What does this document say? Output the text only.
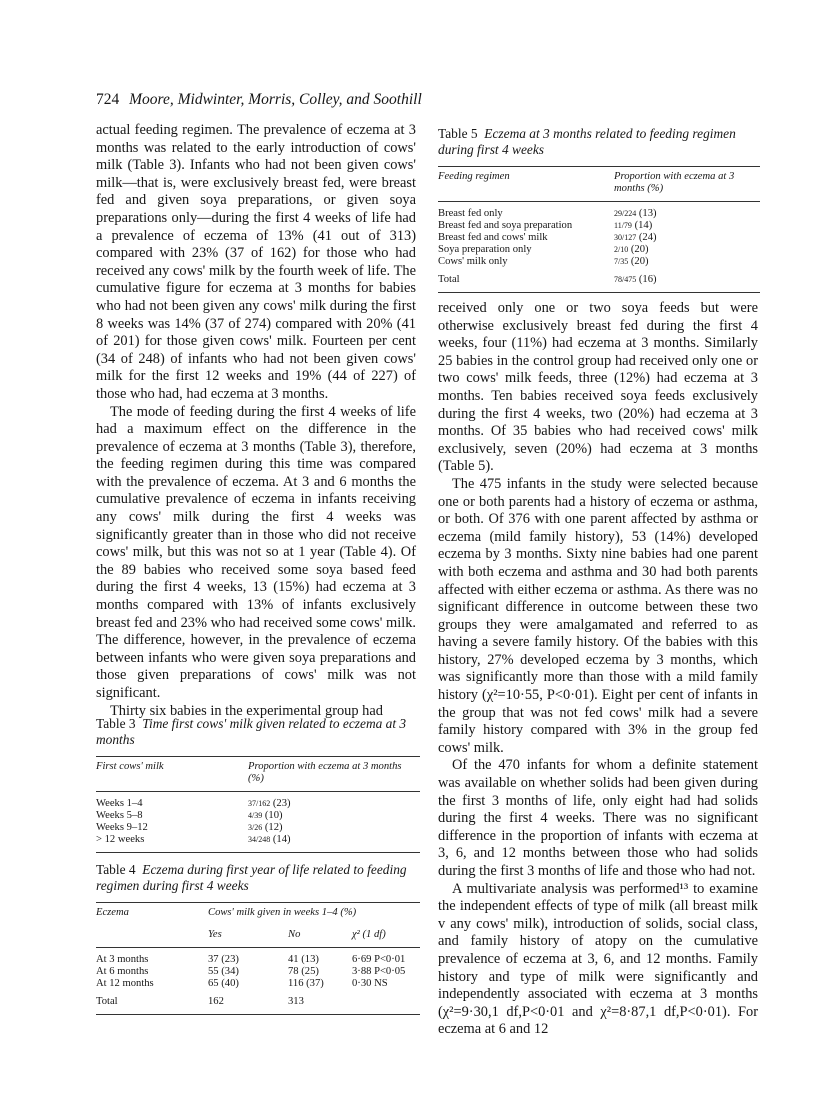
724 Moore, Midwinter, Morris, Colley, and Soothill

actual feeding regimen. The prevalence of eczema at 3 months was related to the early introduction of cows' milk (Table 3). Infants who had not been given cows' milk—that is, were exclusively breast fed, were breast fed and given soya preparations, or given soya preparations only—during the first 4 weeks of life had a prevalence of eczema of 13% (41 out of 313) compared with 23% (37 of 162) for those who had received any cows' milk by the fourth week of life. The cumulative figure for eczema at 3 months for babies who had not been given any cows' milk during the first 8 weeks was 14% (37 of 274) compared with 20% (41 of 201) for those given cows' milk. Fourteen per cent (34 of 248) of infants who had not been given cows' milk for the first 12 weeks and 19% (44 of 227) of those who had, had eczema at 3 months.

The mode of feeding during the first 4 weeks of life had a maximum effect on the difference in the prevalence of eczema at 3 months (Table 3), therefore, the feeding regimen during this time was compared with the prevalence of eczema. At 3 and 6 months the cumulative prevalence of eczema in infants receiving any cows' milk during the first 4 weeks was significantly greater than in those who did not receive cows' milk, but this was not so at 1 year (Table 4). Of the 89 babies who received some soya based feed during the first 4 weeks, 13 (15%) had eczema at 3 months compared with 13% of infants exclusively breast fed and 23% who had received some cows' milk. The difference, however, in the prevalence of eczema between infants who were given soya preparations and those given preparations of cows' milk was not significant.

Thirty six babies in the experimental group had

received only one or two soya feeds but were otherwise exclusively breast fed during the first 4 weeks, four (11%) had eczema at 3 months. Similarly 25 babies in the control group had received only one or two cows' milk feeds, three (12%) had eczema at 3 months. Ten babies received soya feeds exclusively during the first 4 weeks, two (20%) had eczema at 3 months. Of 35 babies who had received cows' milk exclusively, seven (20%) had eczema at 3 months (Table 5).

The 475 infants in the study were selected because one or both parents had a history of eczema or asthma, or both. Of 376 with one parent affected by asthma or eczema (mild family history), 53 (14%) developed eczema by 3 months. Sixty nine babies had one parent with both eczema and asthma and 30 had both parents affected with either eczema or asthma. As there was no significant difference in outcome between these two groups they were amalgamated and referred to as having a severe family history. Of the babies with this history, 27% developed eczema by 3 months, which was significantly more than those with a mild family history (χ²=10·55, P<0·01). Eight per cent of infants in the group that was not fed cows' milk had a severe family history compared with 3% in the group fed cows' milk.

Of the 470 infants for whom a definite statement was available on whether solids had been given during the first 3 months of life, only eight had had solids during the first 4 weeks. There was no significant difference in the proportion of infants with eczema at 3, 6, and 12 months between those who had solids during the first 3 months of life and those who had not.

A multivariate analysis was performed¹³ to examine the independent effects of type of milk (all breast milk v any cows' milk), introduction of solids, social class, and family history of atopy on the cumulative prevalence of eczema at 3, 6, and 12 months. Family history and type of milk were significantly and independently associated with eczema at 3 months (χ²=9·30,1 df,P<0·01 and χ²=8·87,1 df,P<0·01). For eczema at 6 and 12

Table 5 Eczema at 3 months related to feeding regimen during first 4 weeks
Feeding regimen	Proportion with eczema at 3 months (%)

Breast fed only	29/224 (13)
Breast fed and soya preparation	11/79 (14)
Breast fed and cows' milk	30/127 (24)
Soya preparation only	2/10 (20)
Cows' milk only	7/35 (20)

Total	78/475 (16)

Table 3 Time first cows' milk given related to eczema at 3 months
First cows' milk	Proportion with eczema at 3 months (%)

Weeks 1–4	37/162 (23)
Weeks 5–8	4/39 (10)
Weeks 9–12	3/26 (12)
> 12 weeks	34/248 (14)

Table 4 Eczema during first year of life related to feeding regimen during first 4 weeks
Eczema	Cows' milk given in weeks 1–4 (%)		
	Yes	No	χ² (1 df)

At 3 months	37 (23)	41 (13)	6·69 P<0·01
At 6 months	55 (34)	78 (25)	3·88 P<0·05
At 12 months	65 (40)	116 (37)	0·30 NS

Total	162	313	
